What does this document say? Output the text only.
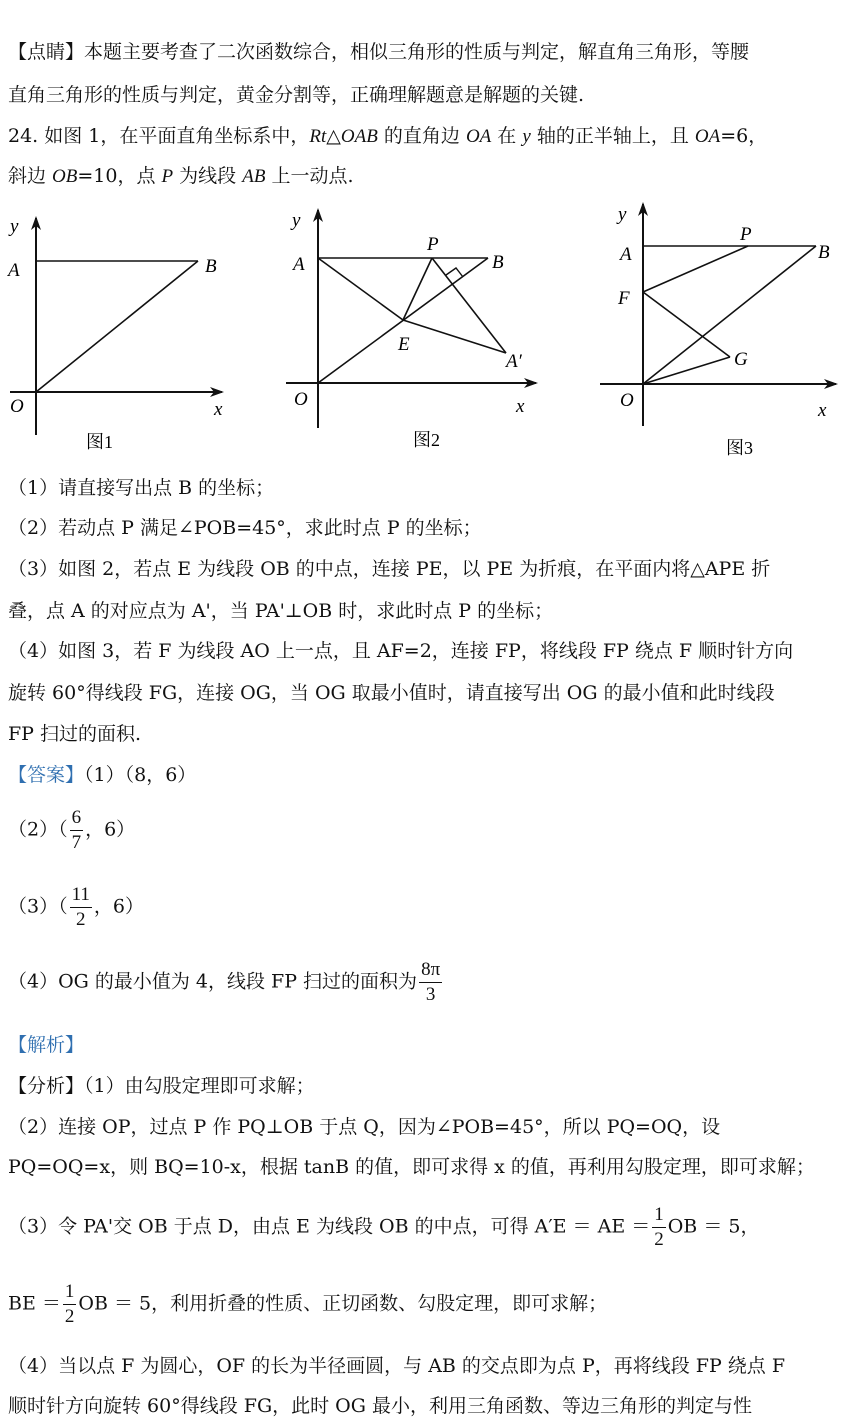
【点睛】本题主要考查了二次函数综合，相似三角形的性质与判定，解直角三角形，等腰
直角三角形的性质与判定，黄金分割等，正确理解题意是解题的关键.
24. 如图 1，在平面直角坐标系中，Rt△OAB 的直角边 OA 在 y 轴的正半轴上，且 OA=6，
斜边 OB=10，点 P 为线段 AB 上一动点.
y
x
O
A	B
图1
y
x
O
A	B
P
E
A′
图2
y
x
O
A	B
P
F
G
图3
（1）请直接写出点 B 的坐标；
（2）若动点 P 满足∠POB=45°，求此时点 P 的坐标；
（3）如图 2，若点 E 为线段 OB 的中点，连接 PE，以 PE 为折痕，在平面内将△APE 折
叠，点 A 的对应点为 A'，当 PA'⊥OB 时，求此时点 P 的坐标；
（4）如图 3，若 F 为线段 AO 上一点，且 AF=2，连接 FP，将线段 FP 绕点 F 顺时针方向
旋转 60°得线段 FG，连接 OG，当 OG 取最小值时，请直接写出 OG 的最小值和此时线段
FP 扫过的面积.
【答案】（1）（8，6）
$(2)( \frac{6}{7}$ ，6）
$(3)( \frac{11}{2}$ ，6）
（4）OG 的最小值为 4，线段 FP 扫过的面积为 $\frac{8\pi}{3}$
【解析】
【分析】（1）由勾股定理即可求解；
（2）连接 OP，过点 P 作 PQ⊥OB 于点 Q，因为∠POB=45°，所以 PQ=OQ，设
PQ=OQ=x，则 BQ=10-x，根据 tanB 的值，即可求得 x 的值，再利用勾股定理，即可求解；
（3）令 PA'交 OB 于点 D，由点 E 为线段 OB 的中点，可得 A′E ＝ AE ＝ $\frac{1}{2}$ OB ＝ 5，
BE ＝ $\frac{1}{2}$ OB ＝ 5，利用折叠的性质、正切函数、勾股定理，即可求解；
（4）当以点 F 为圆心，OF 的长为半径画圆，与 AB 的交点即为点 P，再将线段 FP 绕点 F
顺时针方向旋转 60°得线段 FG，此时 OG 最小，利用三角函数、等边三角形的判定与性
